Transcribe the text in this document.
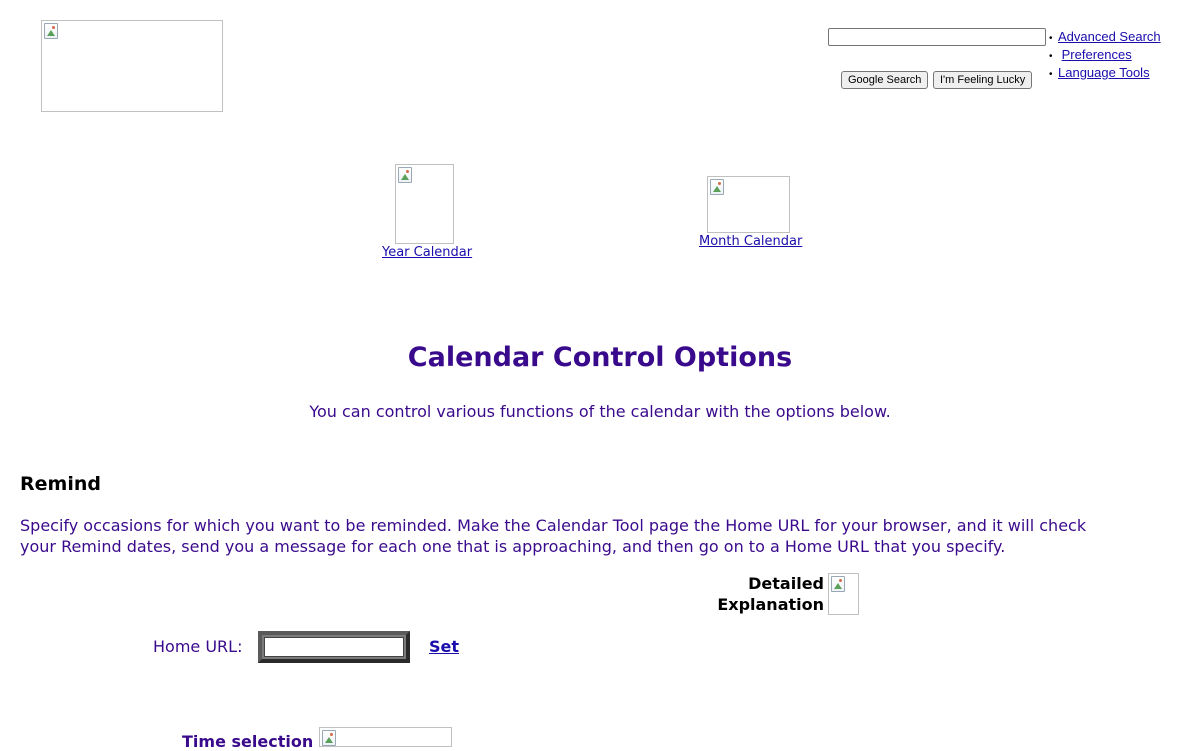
Google Search	I'm Feeling Lucky
• Advanced Search
• Preferences
• Language Tools
Year Calendar
Month Calendar
Calendar Control Options
You can control various functions of the calendar with the options below.
Remind

Specify occasions for which you want to be reminded. Make the Calendar Tool page the Home URL for your browser, and it will check your Remind dates, send you a message for each one that is approaching, and then go on to a Home URL that you specify.

Detailed
Explanation
Home URL:	Set
Time selection
